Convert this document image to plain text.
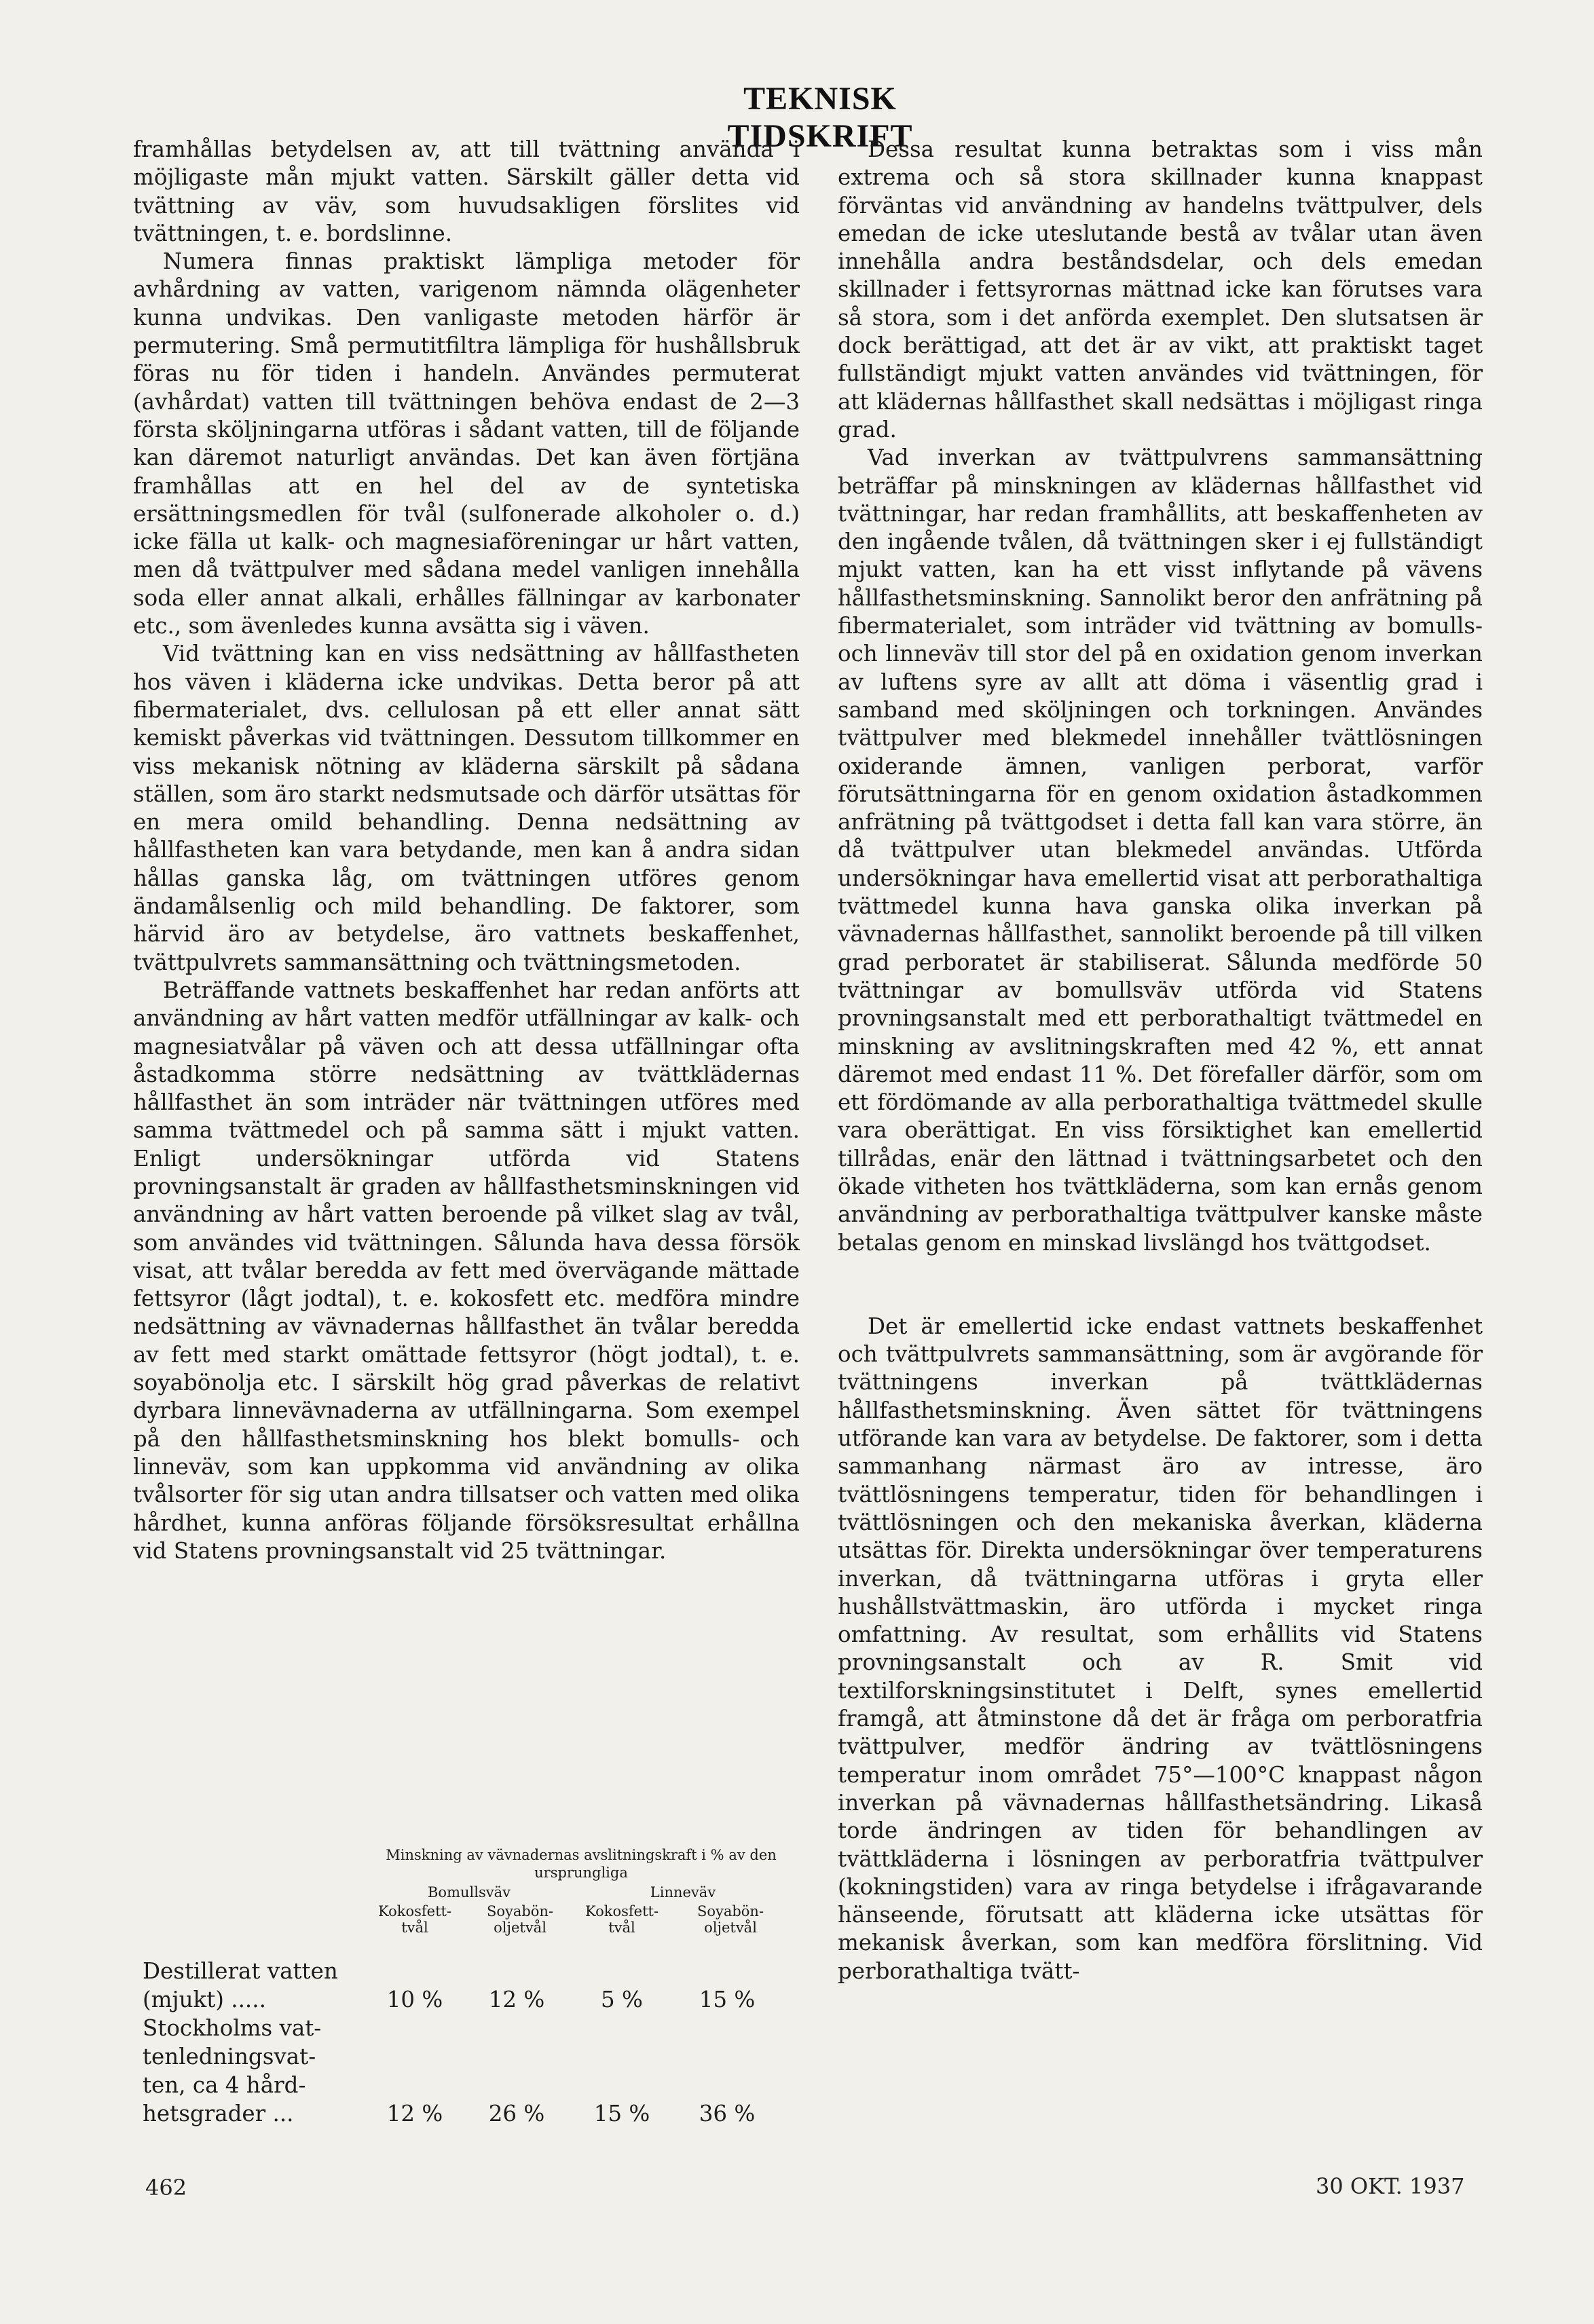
TEKNISK TIDSKRIFT

framhållas betydelsen av, att till tvättning använda i möjligaste mån mjukt vatten. Särskilt gäller detta vid tvättning av väv, som huvudsakligen förslites vid tvättningen, t. e. bordslinne.

Numera finnas praktiskt lämpliga metoder för avhårdning av vatten, varigenom nämnda olägenheter kunna undvikas. Den vanligaste metoden härför är permutering. Små permutitfiltra lämpliga för hushållsbruk föras nu för tiden i handeln. Användes permuterat (avhårdat) vatten till tvättningen behöva endast de 2—3 första sköljningarna utföras i sådant vatten, till de följande kan däremot naturligt användas. Det kan även förtjäna framhållas att en hel del av de syntetiska ersättningsmedlen för tvål (sulfonerade alkoholer o. d.) icke fälla ut kalk- och magnesiaföreningar ur hårt vatten, men då tvättpulver med sådana medel vanligen innehålla soda eller annat alkali, erhålles fällningar av karbonater etc., som ävenledes kunna avsätta sig i väven.

Vid tvättning kan en viss nedsättning av hållfastheten hos väven i kläderna icke undvikas. Detta beror på att fibermaterialet, dvs. cellulosan på ett eller annat sätt kemiskt påverkas vid tvättningen. Dessutom tillkommer en viss mekanisk nötning av kläderna särskilt på sådana ställen, som äro starkt nedsmutsade och därför utsättas för en mera omild behandling. Denna nedsättning av hållfastheten kan vara betydande, men kan å andra sidan hållas ganska låg, om tvättningen utföres genom ändamålsenlig och mild behandling. De faktorer, som härvid äro av betydelse, äro vattnets beskaffenhet, tvättpulvrets sammansättning och tvättningsmetoden.

Beträffande vattnets beskaffenhet har redan anförts att användning av hårt vatten medför utfällningar av kalk- och magnesiatvålar på väven och att dessa utfällningar ofta åstadkomma större nedsättning av tvättklädernas hållfasthet än som inträder när tvättningen utföres med samma tvättmedel och på samma sätt i mjukt vatten. Enligt undersökningar utförda vid Statens provningsanstalt är graden av hållfasthetsminskningen vid användning av hårt vatten beroende på vilket slag av tvål, som användes vid tvättningen. Sålunda hava dessa försök visat, att tvålar beredda av fett med övervägande mättade fettsyror (lågt jodtal), t. e. kokosfett etc. medföra mindre nedsättning av vävnadernas hållfasthet än tvålar beredda av fett med starkt omättade fettsyror (högt jodtal), t. e. soyabönolja etc. I särskilt hög grad påverkas de relativt dyrbara linnevävnaderna av utfällningarna. Som exempel på den hållfasthetsminskning hos blekt bomulls- och linneväv, som kan uppkomma vid användning av olika tvålsorter för sig utan andra tillsatser och vatten med olika hårdhet, kunna anföras följande försöksresultat erhållna vid Statens provningsanstalt vid 25 tvättningar.

Minskning av vävnadernas avslitningskraft i % av den ursprungliga
Bomullsväv	Linneväv
Kokosfett-tvål
Soyabön-oljetvål
Kokosfett-tvål
Soyabön-oljetvål
Destillerat vatten
(mjukt) .....	10 %	12 %	5 %	15 %
Stockholms vat-
tenledningsvat-
ten, ca 4 hård-
hetsgrader ...	12 %	26 %	15 %	36 %

Dessa resultat kunna betraktas som i viss mån extrema och så stora skillnader kunna knappast förväntas vid användning av handelns tvättpulver, dels emedan de icke uteslutande bestå av tvålar utan även innehålla andra beståndsdelar, och dels emedan skillnader i fettsyrornas mättnad icke kan förutses vara så stora, som i det anförda exemplet. Den slutsatsen är dock berättigad, att det är av vikt, att praktiskt taget fullständigt mjukt vatten användes vid tvättningen, för att klädernas hållfasthet skall nedsättas i möjligast ringa grad.

Vad inverkan av tvättpulvrens sammansättning beträffar på minskningen av klädernas hållfasthet vid tvättningar, har redan framhållits, att beskaffenheten av den ingående tvålen, då tvättningen sker i ej fullständigt mjukt vatten, kan ha ett visst inflytande på vävens hållfasthetsminskning. Sannolikt beror den anfrätning på fibermaterialet, som inträder vid tvättning av bomulls- och linneväv till stor del på en oxidation genom inverkan av luftens syre av allt att döma i väsentlig grad i samband med sköljningen och torkningen. Användes tvättpulver med blekmedel innehåller tvättlösningen oxiderande ämnen, vanligen perborat, varför förutsättningarna för en genom oxidation åstadkommen anfrätning på tvättgodset i detta fall kan vara större, än då tvättpulver utan blekmedel användas. Utförda undersökningar hava emellertid visat att perborathaltiga tvättmedel kunna hava ganska olika inverkan på vävnadernas hållfasthet, sannolikt beroende på till vilken grad perboratet är stabiliserat. Sålunda medförde 50 tvättningar av bomullsväv utförda vid Statens provningsanstalt med ett perborathaltigt tvättmedel en minskning av avslitningskraften med 42 %, ett annat däremot med endast 11 %. Det förefaller därför, som om ett fördömande av alla perborathaltiga tvättmedel skulle vara oberättigat. En viss försiktighet kan emellertid tillrådas, enär den lättnad i tvättningsarbetet och den ökade vitheten hos tvättkläderna, som kan ernås genom användning av perborathaltiga tvättpulver kanske måste betalas genom en minskad livslängd hos tvättgodset.

Det är emellertid icke endast vattnets beskaffenhet och tvättpulvrets sammansättning, som är avgörande för tvättningens inverkan på tvättklädernas hållfasthetsminskning. Även sättet för tvättningens utförande kan vara av betydelse. De faktorer, som i detta sammanhang närmast äro av intresse, äro tvättlösningens temperatur, tiden för behandlingen i tvättlösningen och den mekaniska åverkan, kläderna utsättas för. Direkta undersökningar över temperaturens inverkan, då tvättningarna utföras i gryta eller hushållstvättmaskin, äro utförda i mycket ringa omfattning. Av resultat, som erhållits vid Statens provningsanstalt och av R. Smit vid textilforskningsinstitutet i Delft, synes emellertid framgå, att åtminstone då det är fråga om perboratfria tvättpulver, medför ändring av tvättlösningens temperatur inom området 75°—100°C knappast någon inverkan på vävnadernas hållfasthetsändring. Likaså torde ändringen av tiden för behandlingen av tvättkläderna i lösningen av perboratfria tvättpulver (kokningstiden) vara av ringa betydelse i ifrågavarande hänseende, förutsatt att kläderna icke utsättas för mekanisk åverkan, som kan medföra förslitning. Vid perborathaltiga tvätt-

462	30 OKT. 1937
